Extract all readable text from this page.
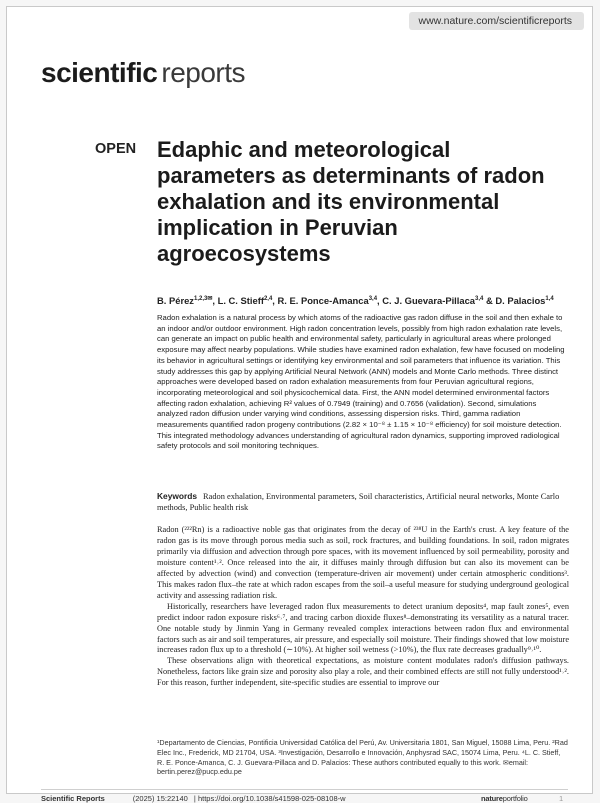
www.nature.com/scientificreports
scientific reports
OPEN Edaphic and meteorological parameters as determinants of radon exhalation and its environmental implication in Peruvian agroecosystems
B. Pérez$^{1,2,3✉}$, L. C. Stieff$^{2,4}$, R. E. Ponce-Amanca$^{3,4}$, C. J. Guevara-Pillaca$^{3,4}$ & D. Palacios$^{1,4}$
Radon exhalation is a natural process by which atoms of the radioactive gas radon diffuse in the soil and then exhale to an indoor and/or outdoor environment. High radon concentration levels, possibly from high radon exhalation rate levels, can generate an impact on public health and environmental safety, particularly in agricultural areas where prolonged exposure may affect nearby populations. While studies have examined radon exhalation, few have focused on modeling its behavior in agricultural settings or identifying key environmental and soil parameters that influence its variation. This study addresses this gap by applying Artificial Neural Network (ANN) models and Monte Carlo methods. Three distinct approaches were developed based on radon exhalation measurements from four Peruvian agricultural regions, incorporating meteorological and soil physicochemical data. First, the ANN model determined environmental factors affecting radon exhalation, achieving R² values of 0.7949 (training) and 0.7656 (validation). Second, simulations analyzed radon diffusion under varying wind conditions, assessing dispersion risks. Third, gamma radiation measurements quantified radon progeny contributions (2.82 × 10⁻⁸ ± 1.15 × 10⁻⁸ efficiency) for soil moisture detection. This integrated methodology advances understanding of agricultural radon dynamics, supporting improved radiological safety protocols and soil monitoring techniques.
Keywords Radon exhalation, Environmental parameters, Soil characteristics, Artificial neural networks, Monte Carlo methods, Public health risk

Radon (²²²Rn) is a radioactive noble gas that originates from the decay of ²³⁸U in the Earth's crust. A key feature of the radon gas is its move through porous media such as soil, rock fractures, and building foundations. In soil, radon migrates primarily via diffusion and advection through pore spaces, with its movement influenced by soil permeability, porosity and moisture content¹˒². Once released into the air, it diffuses mainly through diffusion but can also its movement can be affected by advection (wind) and convection (temperature-driven air movement) under certain atmospheric conditions³. This makes radon flux–the rate at which radon escapes from the soil–a useful measure for studying underground geological activity and assessing radiation risk.

Historically, researchers have leveraged radon flux measurements to detect uranium deposits⁴, map fault zones⁵, even predict indoor radon exposure risks⁶˒⁷, and tracing carbon dioxide fluxes⁸–demonstrating its versatility as a natural tracer. One notable study by Jinmin Yang in Germany revealed complex interactions between radon flux and environmental factors such as air and soil temperatures, air pressure, and especially soil moisture. Their findings showed that low moisture increases radon flux up to a threshold (∼10%). At higher soil wetness (>10%), the flux rate decreases gradually⁹˒¹⁰.

These observations align with theoretical expectations, as moisture content modulates radon's diffusion pathways. Nonetheless, factors like grain size and porosity also play a role, and their combined effects are still not fully understood¹˒². For this reason, further independent, site-specific studies are essential to improve our

¹Departamento de Ciencias, Pontificia Universidad Católica del Perú, Av. Universitaria 1801, San Miguel, 15088 Lima, Peru. ²Rad Elec Inc., Frederick, MD 21704, USA. ³Investigación, Desarrollo e Innovación, Anphysrad SAC, 15074 Lima, Peru. ⁴L. C. Stieff, R. E. Ponce-Amanca, C. J. Guevara-Pillaca and D. Palacios: These authors contributed equally to this work. ✉email: bertin.perez@pucp.edu.pe
Scientific Reports	(2025) 15:22140 | https://doi.org/10.1038/s41598-025-08108-w	natureportfolio	1
